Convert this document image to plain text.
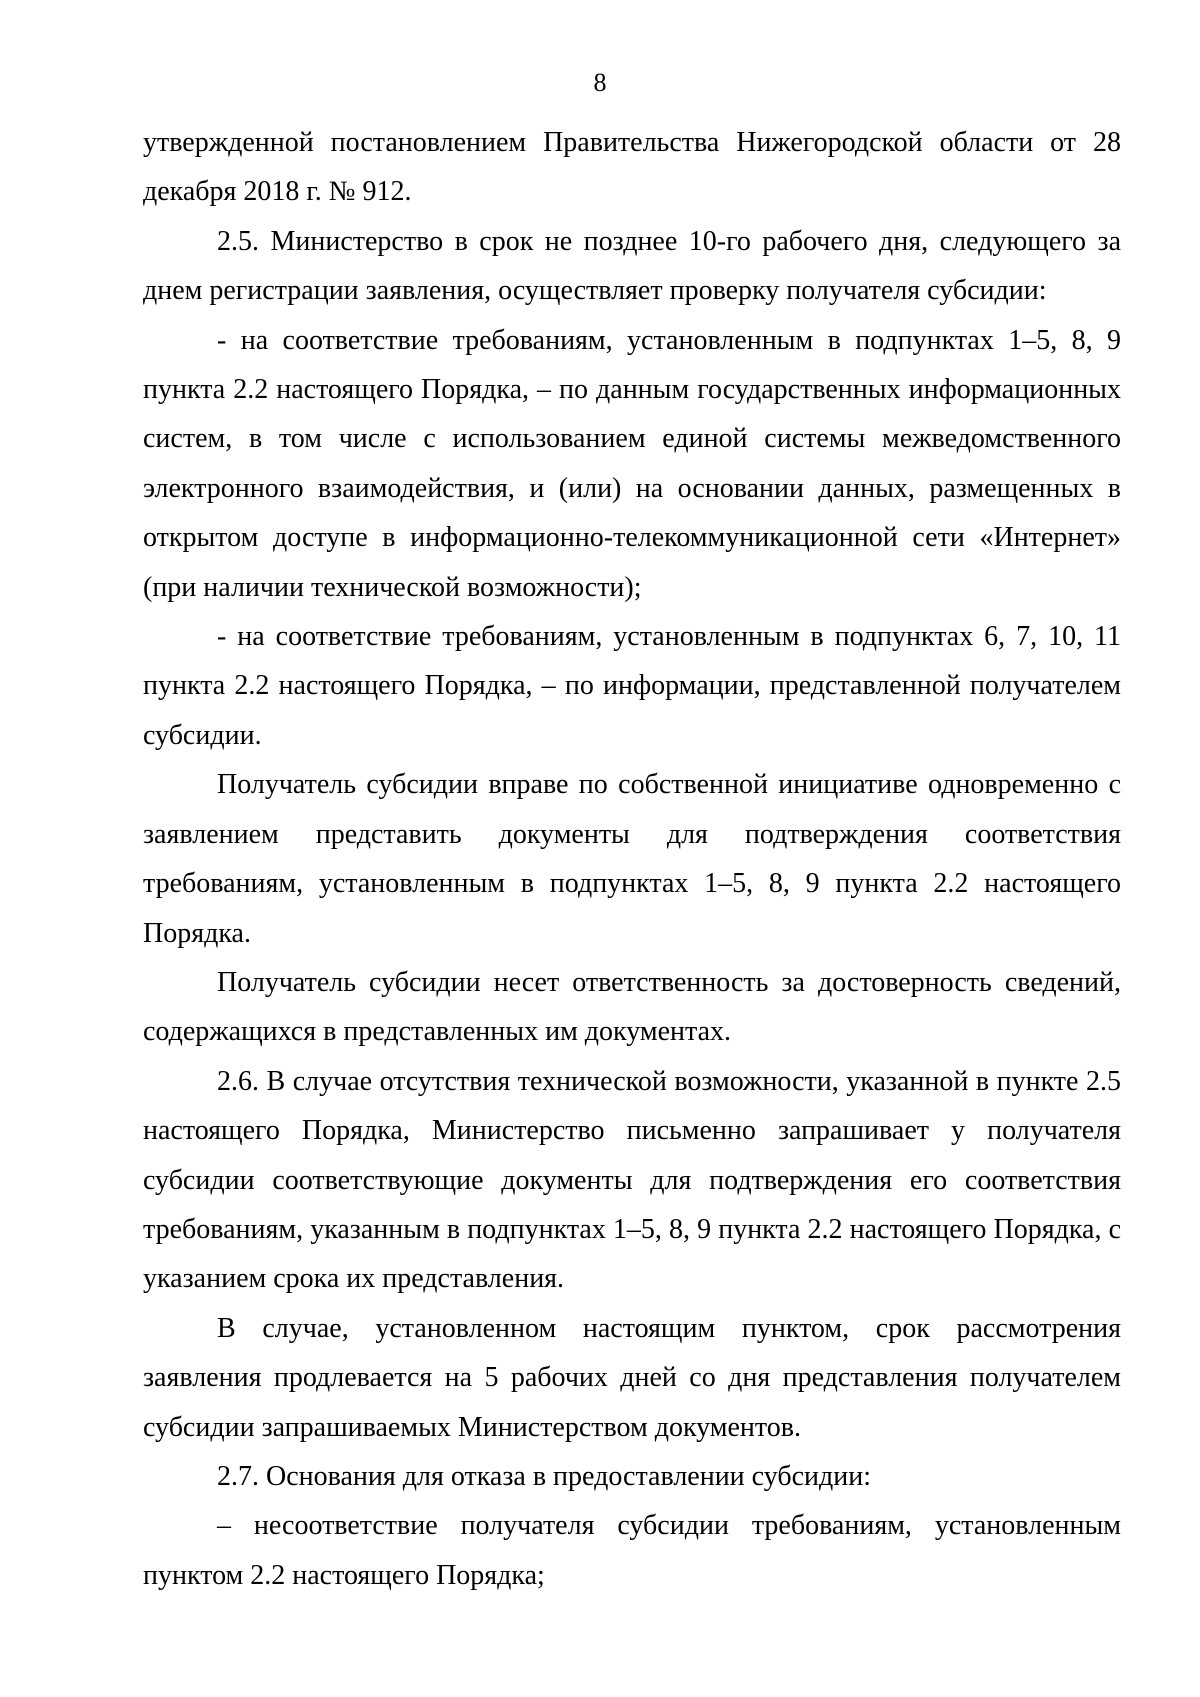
8

утвержденной постановлением Правительства Нижегородской области от 28 декабря 2018 г. № 912.

2.5. Министерство в срок не позднее 10-го рабочего дня, следующего за днем регистрации заявления, осуществляет проверку получателя субсидии:

- на соответствие требованиям, установленным в подпунктах 1–5, 8, 9 пункта 2.2 настоящего Порядка, – по данным государственных информационных систем, в том числе с использованием единой системы межведомственного электронного взаимодействия, и (или) на основании данных, размещенных в открытом доступе в информационно-телекоммуникационной сети «Интернет» (при наличии технической возможности);

- на соответствие требованиям, установленным в подпунктах 6, 7, 10, 11 пункта 2.2 настоящего Порядка, – по информации, представленной получателем субсидии.

Получатель субсидии вправе по собственной инициативе одновременно с заявлением представить документы для подтверждения соответствия требованиям, установленным в подпунктах 1–5, 8, 9 пункта 2.2 настоящего Порядка.

Получатель субсидии несет ответственность за достоверность сведений, содержащихся в представленных им документах.

2.6. В случае отсутствия технической возможности, указанной в пункте 2.5 настоящего Порядка, Министерство письменно запрашивает у получателя субсидии соответствующие документы для подтверждения его соответствия требованиям, указанным в подпунктах 1–5, 8, 9 пункта 2.2 настоящего Порядка, с указанием срока их представления.

В случае, установленном настоящим пунктом, срок рассмотрения заявления продлевается на 5 рабочих дней со дня представления получателем субсидии запрашиваемых Министерством документов.

2.7. Основания для отказа в предоставлении субсидии:

– несоответствие получателя субсидии требованиям, установленным пунктом 2.2 настоящего Порядка;
